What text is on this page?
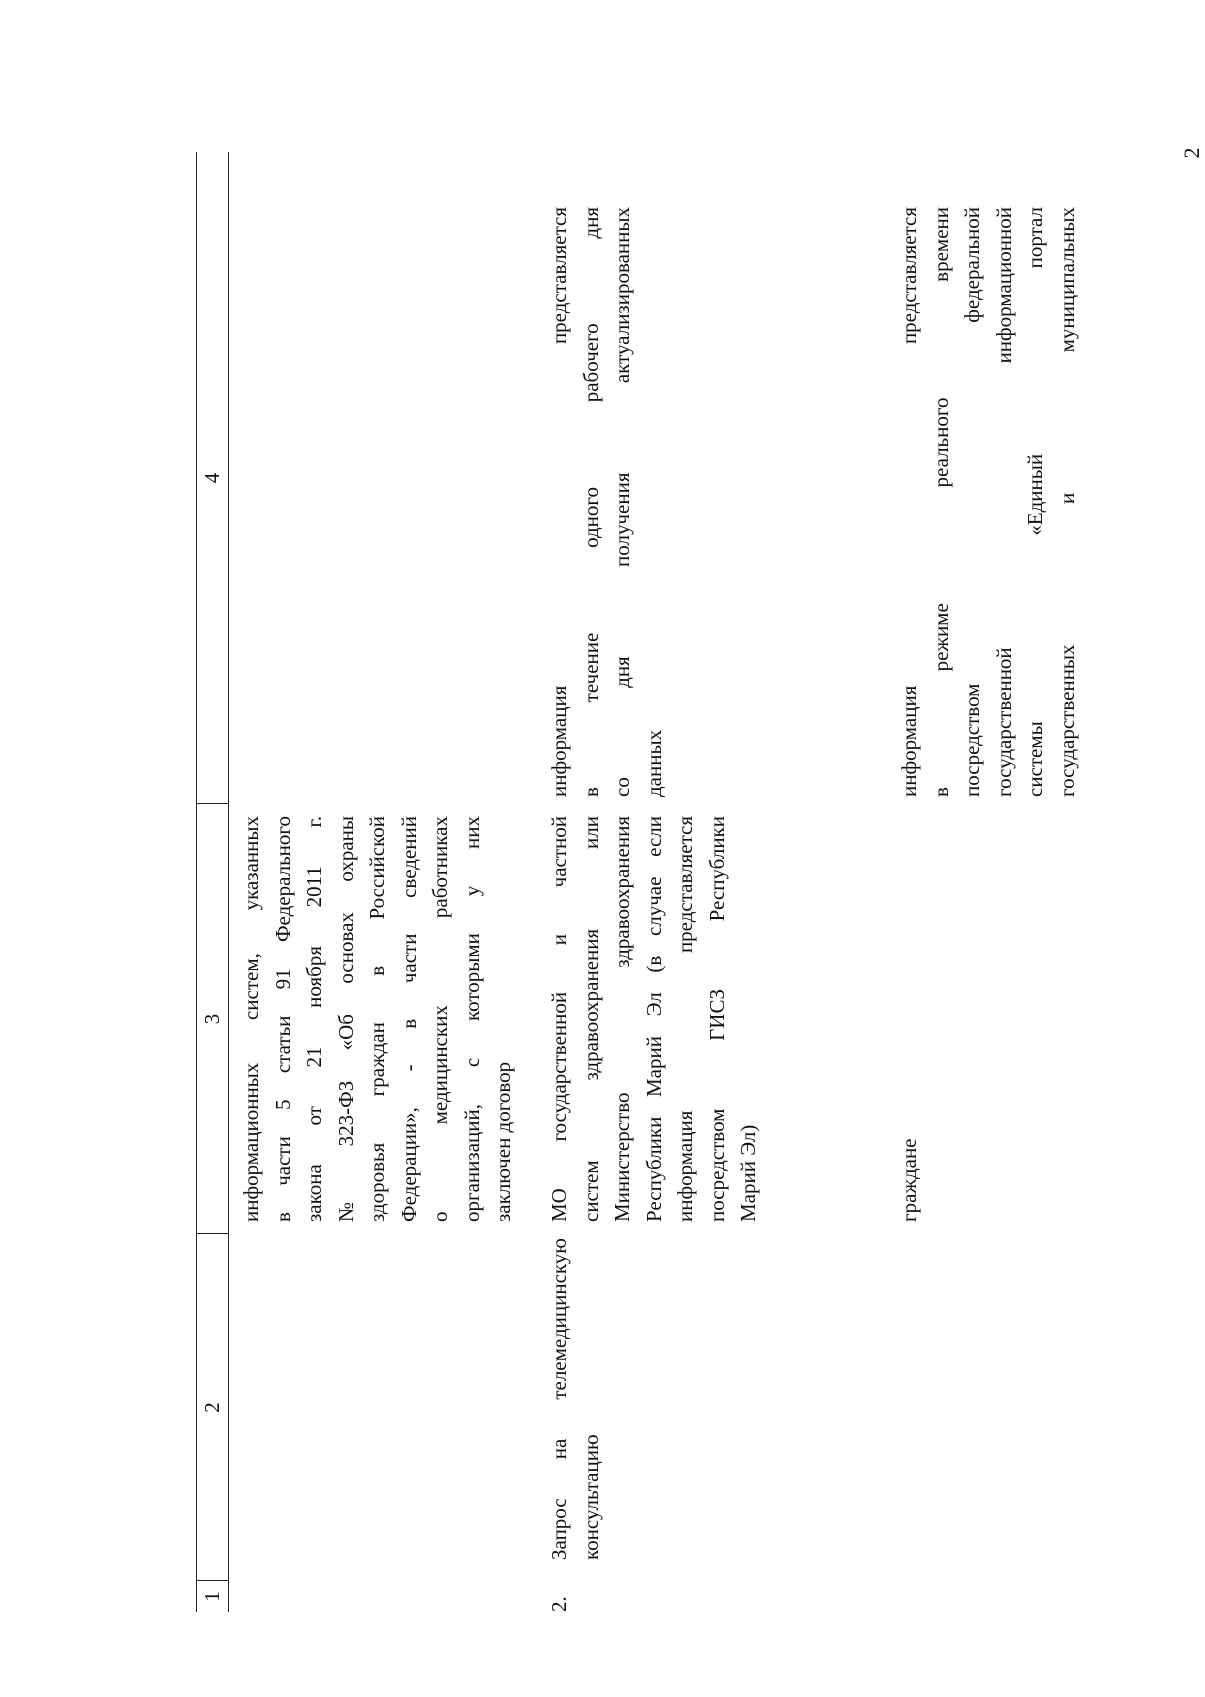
2
1
2
3
4
информационных систем, указанных в части 5 статьи 91 Федерального закона от 21 ноября 2011 г. № 323-ФЗ «Об основах охраны здоровья граждан в Российской Федерации», - в части сведений о медицинских работниках организаций, с которыми у них заключен договор
2.
Запрос на телемедицинскую консультацию
МО государственной и частной систем здравоохранения или Министерство здравоохранения Республики Марий Эл (в случае если информация представляется посредством ГИСЗ Республики Марий Эл)
информация представляется в течение одного рабочего дня со дня получения актуализированных данных
граждане
информация представляется в режиме реального времени посредством федеральной государственной информационной системы «Единый портал государственных и муниципальных
